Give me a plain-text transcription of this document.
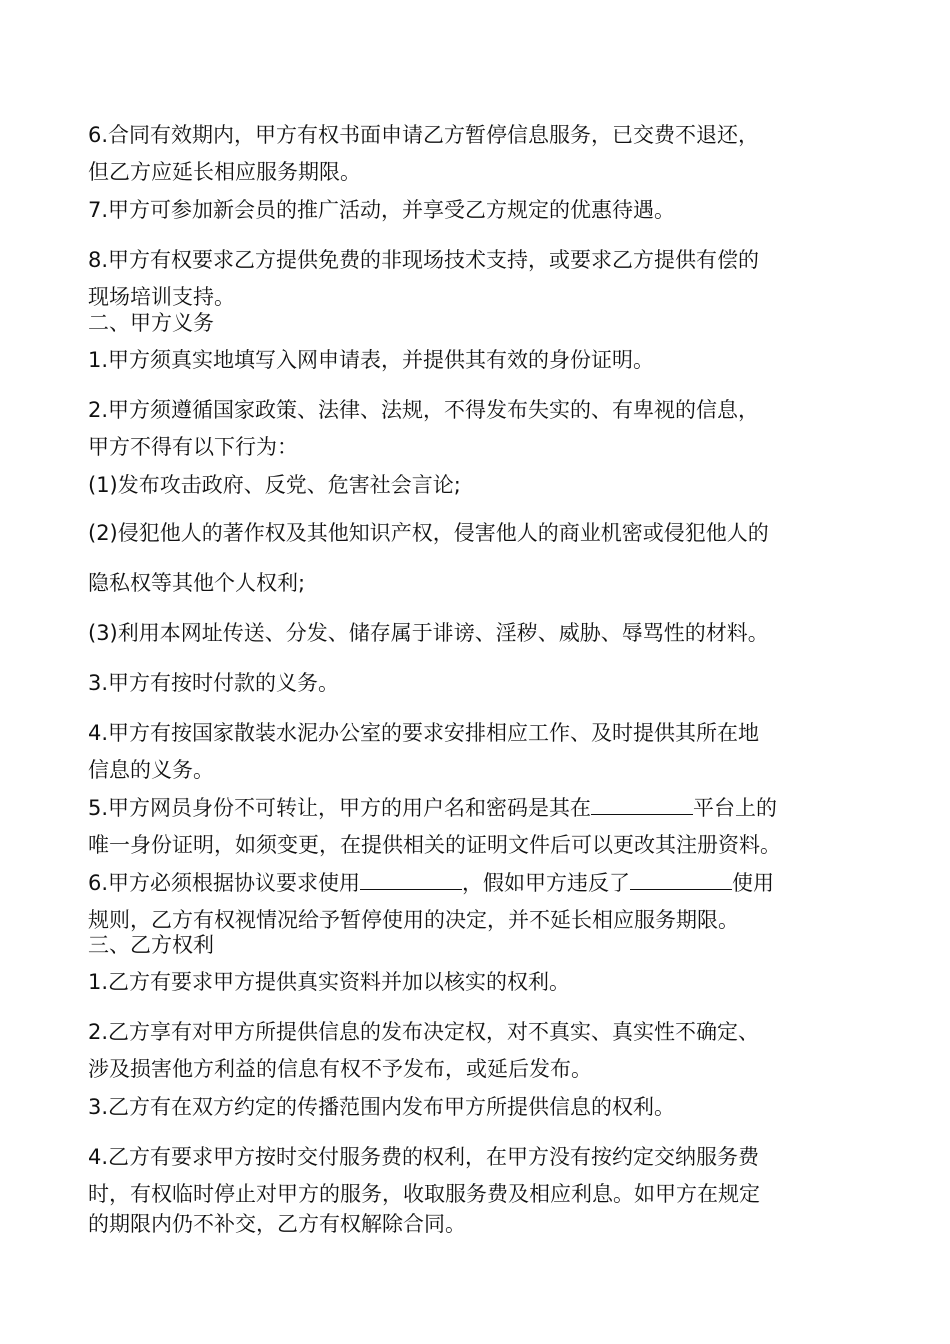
6.合同有效期内，甲方有权书面申请乙方暂停信息服务，已交费不退还，
但乙方应延长相应服务期限。
7.甲方可参加新会员的推广活动，并享受乙方规定的优惠待遇。
8.甲方有权要求乙方提供免费的非现场技术支持，或要求乙方提供有偿的
现场培训支持。
二、甲方义务
1.甲方须真实地填写入网申请表，并提供其有效的身份证明。
2.甲方须遵循国家政策、法律、法规，不得发布失实的、有卑视的信息，
甲方不得有以下行为：
(1)发布攻击政府、反党、危害社会言论;
(2)侵犯他人的著作权及其他知识产权，侵害他人的商业机密或侵犯他人的
隐私权等其他个人权利;
(3)利用本网址传送、分发、储存属于诽谤、淫秽、威胁、辱骂性的材料。
3.甲方有按时付款的义务。
4.甲方有按国家散装水泥办公室的要求安排相应工作、及时提供其所在地
信息的义务。
5.甲方网员身份不可转让，甲方的用户名和密码是其在	平台上的
唯一身份证明，如须变更，在提供相关的证明文件后可以更改其注册资料。
6.甲方必须根据协议要求使用	，假如甲方违反了	使用
规则，乙方有权视情况给予暂停使用的决定，并不延长相应服务期限。
三、乙方权利
1.乙方有要求甲方提供真实资料并加以核实的权利。
2.乙方享有对甲方所提供信息的发布决定权，对不真实、真实性不确定、
涉及损害他方利益的信息有权不予发布，或延后发布。
3.乙方有在双方约定的传播范围内发布甲方所提供信息的权利。
4.乙方有要求甲方按时交付服务费的权利，在甲方没有按约定交纳服务费
时，有权临时停止对甲方的服务，收取服务费及相应利息。如甲方在规定
的期限内仍不补交，乙方有权解除合同。
